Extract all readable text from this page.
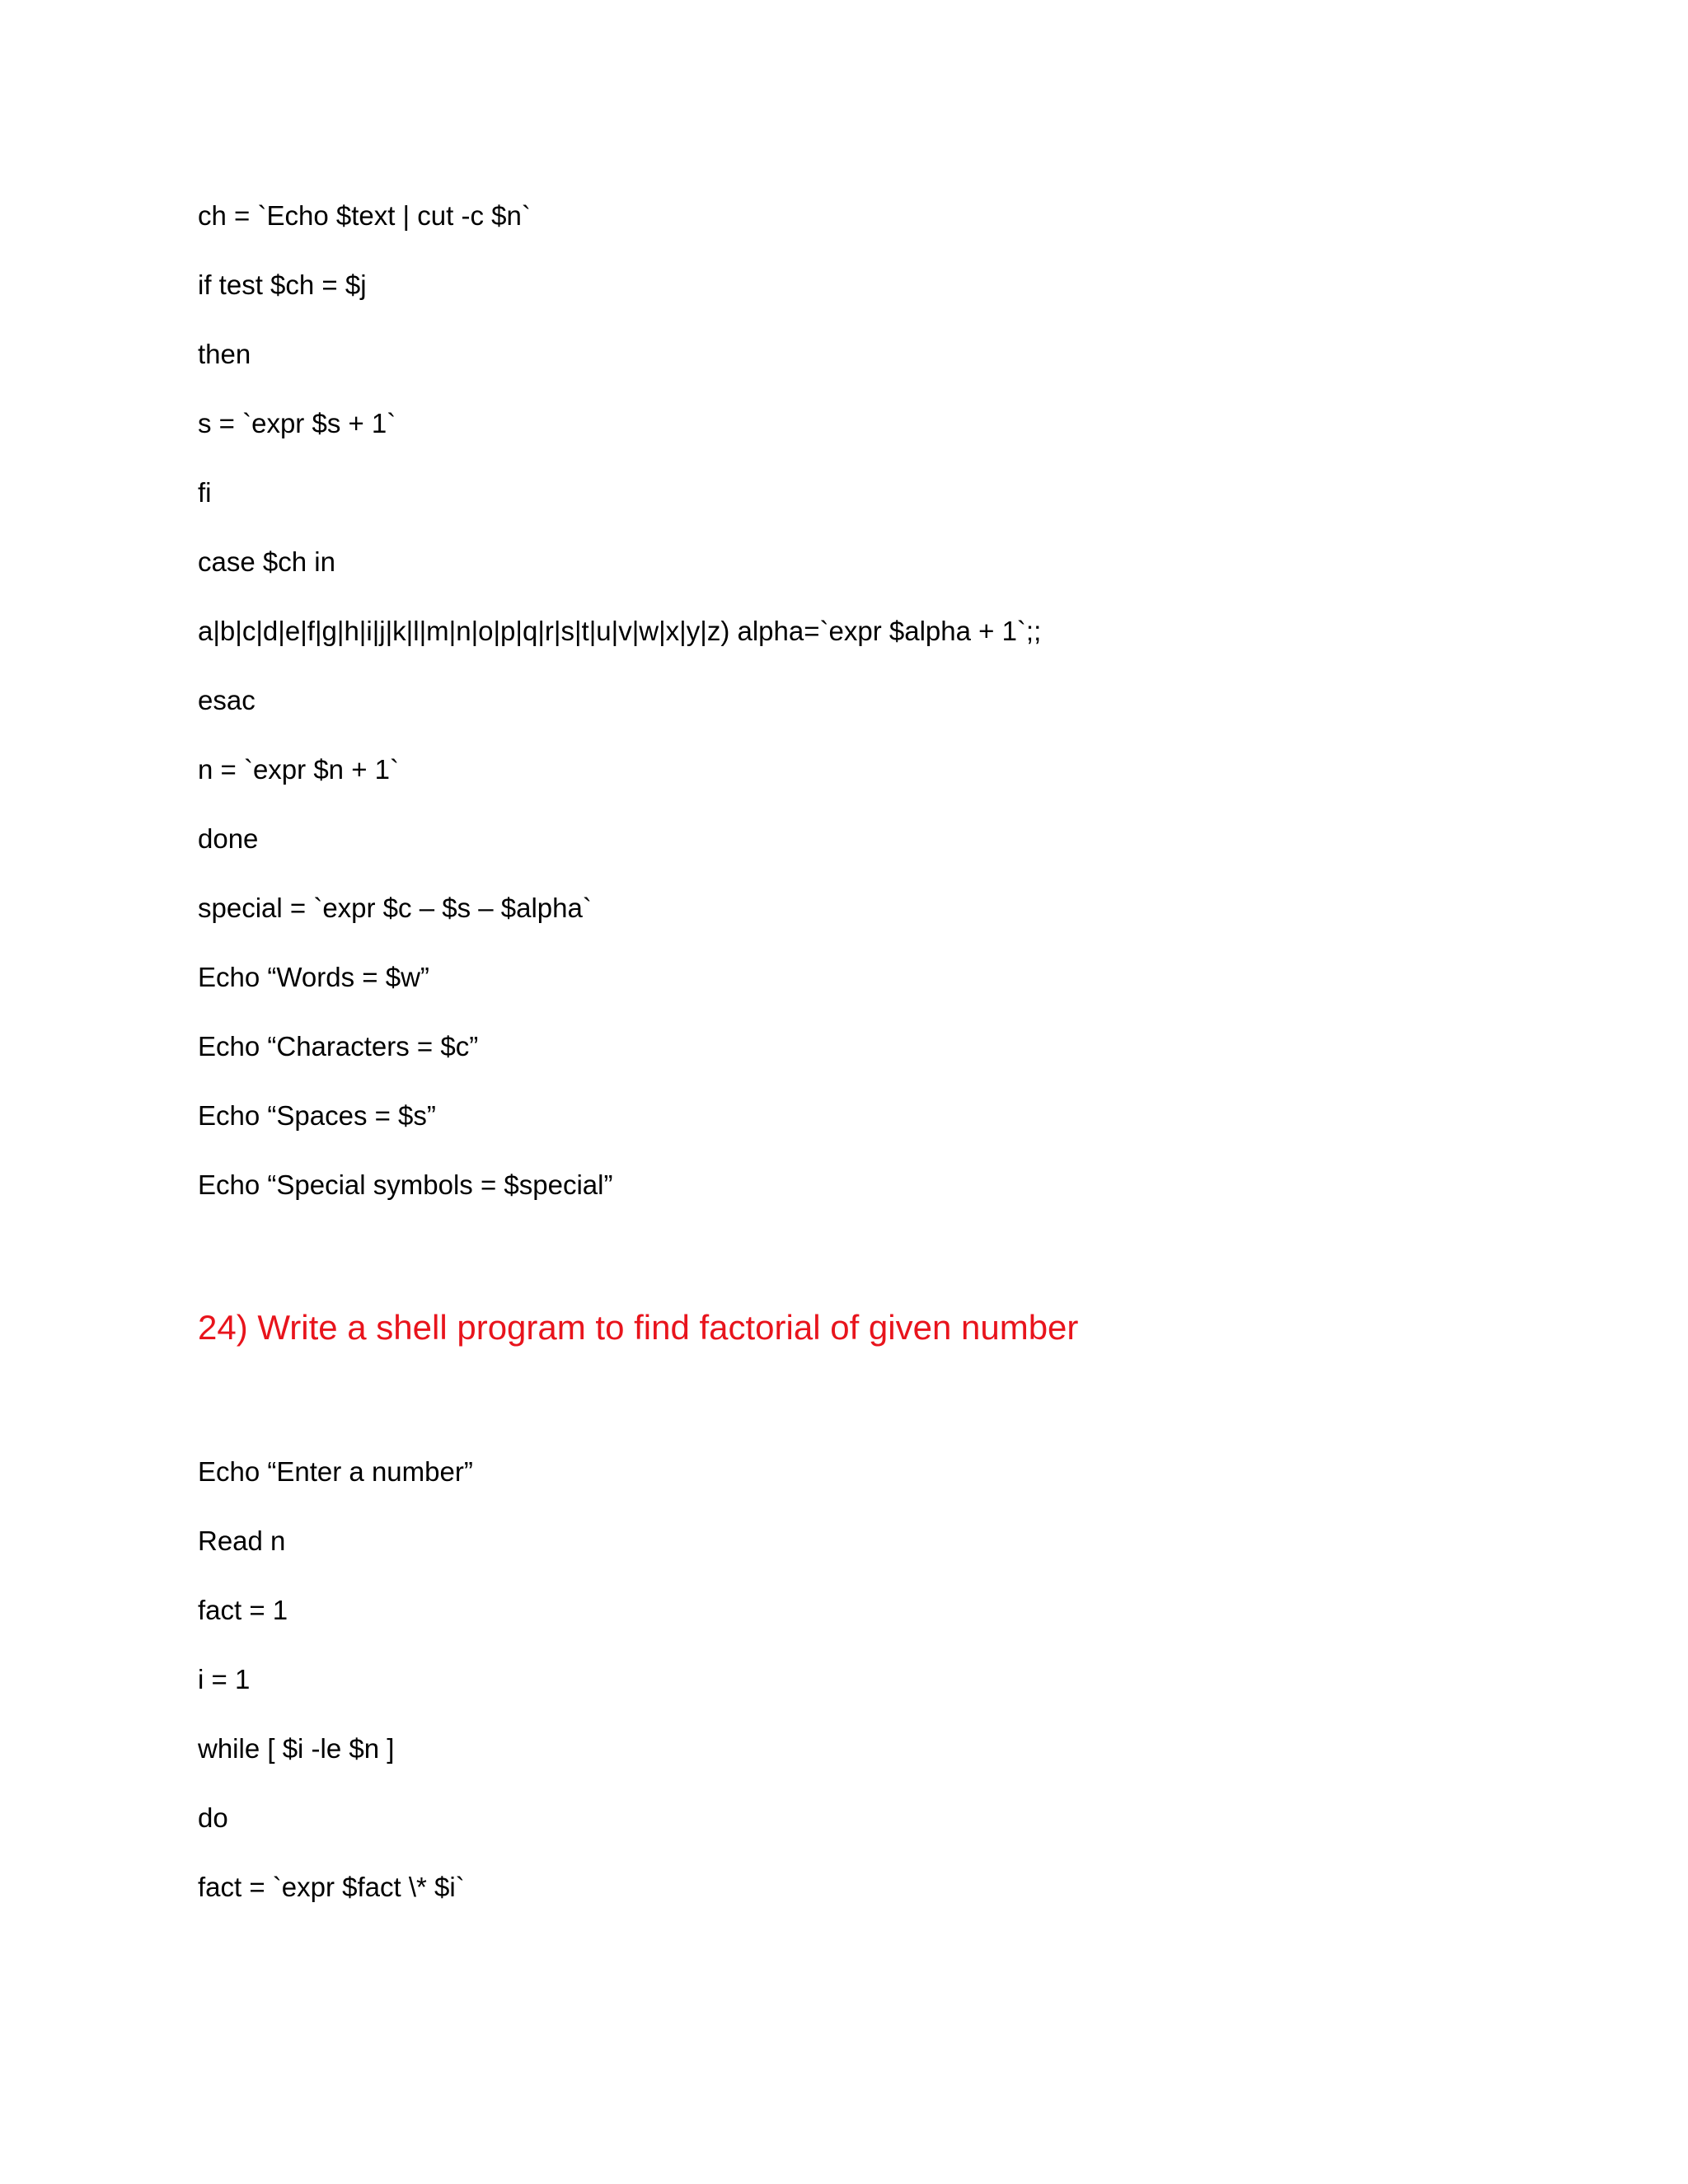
ch = `Echo $text | cut -c $n`
if test $ch = $j
then
s = `expr $s + 1`
fi
case $ch in
a|b|c|d|e|f|g|h|i|j|k|l|m|n|o|p|q|r|s|t|u|v|w|x|y|z) alpha=`expr $alpha + 1`;;
esac
n = `expr $n + 1`
done
special = `expr $c – $s – $alpha`
Echo “Words = $w”
Echo “Characters = $c”
Echo “Spaces = $s”
Echo “Special symbols = $special”
24) Write a shell program to find factorial of given number
Echo “Enter a number”
Read n
fact = 1
i = 1
while [ $i -le $n ]
do
fact = `expr $fact \* $i`
